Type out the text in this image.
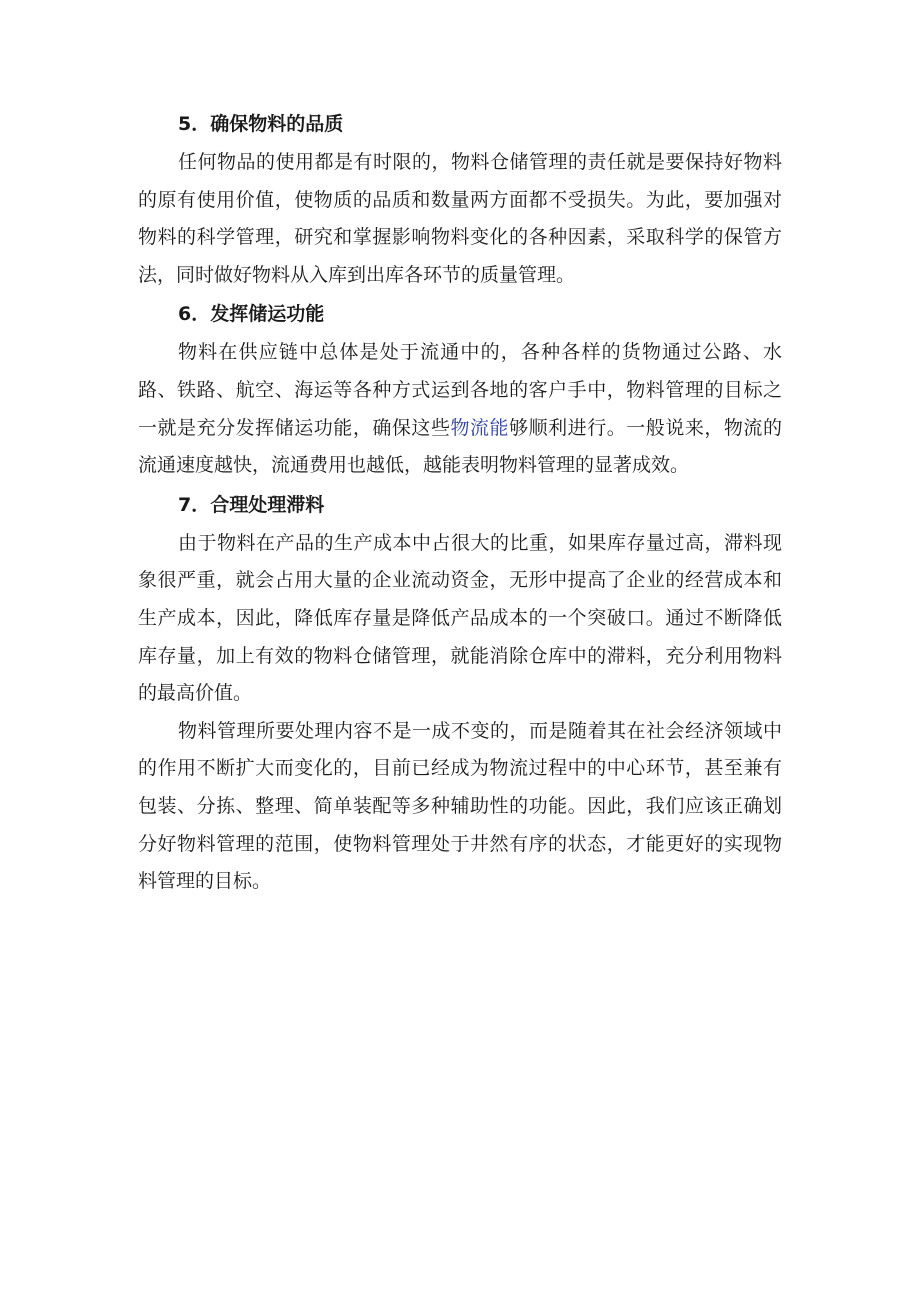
5．确保物料的品质

任何物品的使用都是有时限的，物料仓储管理的责任就是要保持好物料的原有使用价值，使物质的品质和数量两方面都不受损失。为此，要加强对物料的科学管理，研究和掌握影响物料变化的各种因素，采取科学的保管方法，同时做好物料从入库到出库各环节的质量管理。

6．发挥储运功能

物料在供应链中总体是处于流通中的，各种各样的货物通过公路、水路、铁路、航空、海运等各种方式运到各地的客户手中，物料管理的目标之一就是充分发挥储运功能，确保这些物流能够顺利进行。一般说来，物流的流通速度越快，流通费用也越低，越能表明物料管理的显著成效。

7．合理处理滞料

由于物料在产品的生产成本中占很大的比重，如果库存量过高，滞料现象很严重，就会占用大量的企业流动资金，无形中提高了企业的经营成本和生产成本，因此，降低库存量是降低产品成本的一个突破口。通过不断降低库存量，加上有效的物料仓储管理，就能消除仓库中的滞料，充分利用物料的最高价值。

物料管理所要处理内容不是一成不变的，而是随着其在社会经济领域中的作用不断扩大而变化的，目前已经成为物流过程中的中心环节，甚至兼有包装、分拣、整理、简单装配等多种辅助性的功能。因此，我们应该正确划分好物料管理的范围，使物料管理处于井然有序的状态，才能更好的实现物料管理的目标。
